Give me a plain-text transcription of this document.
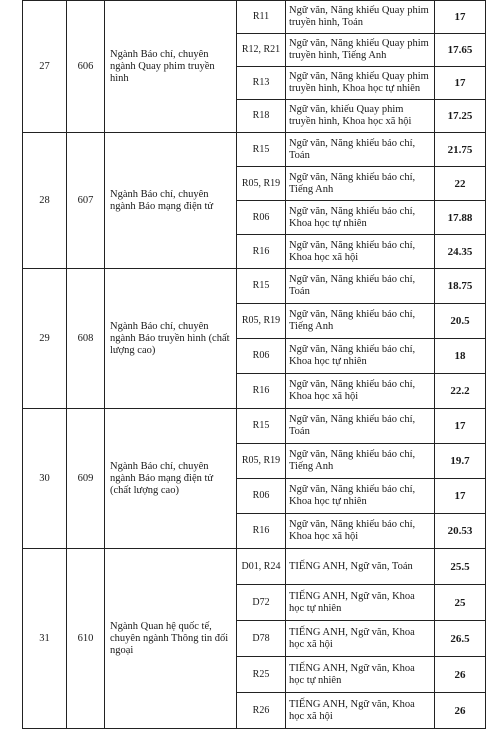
27	606	Ngành Báo chí, chuyên ngành Quay phim truyền hình	R11	Ngữ văn, Năng khiếu Quay phim truyền hình, Toán	17
			R12, R21	Ngữ văn, Năng khiếu Quay phim truyền hình, Tiếng Anh	17.65
			R13	Ngữ văn, Năng khiếu Quay phim truyền hình, Khoa học tự nhiên	17
			R18	Ngữ văn, khiếu Quay phim truyền hình, Khoa học xã hội	17.25
28	607	Ngành Báo chí, chuyên ngành Báo mạng điện tử	R15	Ngữ văn, Năng khiếu báo chí, Toán	21.75
			R05, R19	Ngữ văn, Năng khiếu báo chí, Tiếng Anh	22
			R06	Ngữ văn, Năng khiếu báo chí, Khoa học tự nhiên	17.88
			R16	Ngữ văn, Năng khiếu báo chí, Khoa học xã hội	24.35
29	608	Ngành Báo chí, chuyên ngành Báo truyền hình (chất lượng cao)	R15	Ngữ văn, Năng khiếu báo chí, Toán	18.75
			R05, R19	Ngữ văn, Năng khiếu báo chí, Tiếng Anh	20.5
			R06	Ngữ văn, Năng khiếu báo chí, Khoa học tự nhiên	18
			R16	Ngữ văn, Năng khiếu báo chí, Khoa học xã hội	22.2
30	609	Ngành Báo chí, chuyên ngành Báo mạng điện tử (chất lượng cao)	R15	Ngữ văn, Năng khiếu báo chí, Toán	17
			R05, R19	Ngữ văn, Năng khiếu báo chí, Tiếng Anh	19.7
			R06	Ngữ văn, Năng khiếu báo chí, Khoa học tự nhiên	17
			R16	Ngữ văn, Năng khiếu báo chí, Khoa học xã hội	20.53
31	610	Ngành Quan hệ quốc tế, chuyên ngành Thông tin đối ngoại	D01, R24	TIẾNG ANH, Ngữ văn, Toán	25.5
			D72	TIẾNG ANH, Ngữ văn, Khoa học tự nhiên	25
			D78	TIẾNG ANH, Ngữ văn, Khoa học xã hội	26.5
			R25	TIẾNG ANH, Ngữ văn, Khoa học tự nhiên	26
			R26	TIẾNG ANH, Ngữ văn, Khoa học xã hội	26
